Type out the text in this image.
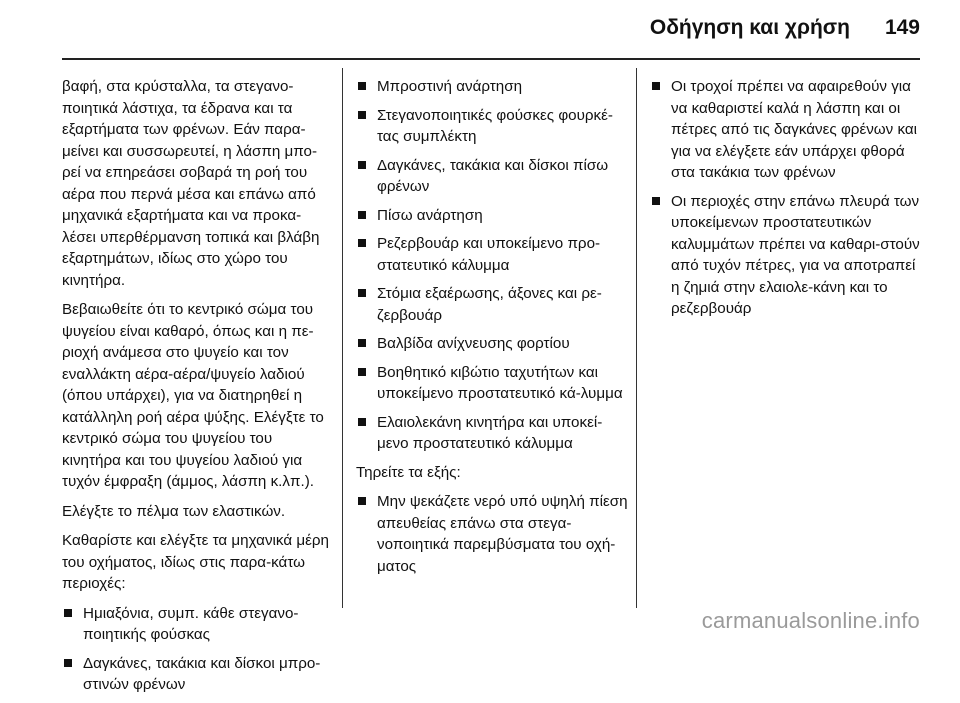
Οδήγηση και χρήση 149

βαφή, στα κρύσταλλα, τα στεγανο-ποιητικά λάστιχα, τα έδρανα και τα εξαρτήματα των φρένων. Εάν παρα-μείνει και συσσωρευτεί, η λάσπη μπο-ρεί να επηρεάσει σοβαρά τη ροή του αέρα που περνά μέσα και επάνω από μηχανικά εξαρτήματα και να προκα-λέσει υπερθέρμανση τοπικά και βλάβη εξαρτημάτων, ιδίως στο χώρο του κινητήρα.

Βεβαιωθείτε ότι το κεντρικό σώμα του ψυγείου είναι καθαρό, όπως και η πε-ριοχή ανάμεσα στο ψυγείο και τον εναλλάκτη αέρα-αέρα/ψυγείο λαδιού (όπου υπάρχει), για να διατηρηθεί η κατάλληλη ροή αέρα ψύξης. Ελέγξτε το κεντρικό σώμα του ψυγείου του κινητήρα και του ψυγείου λαδιού για τυχόν έμφραξη (άμμος, λάσπη κ.λπ.).

Ελέγξτε το πέλμα των ελαστικών.

Καθαρίστε και ελέγξτε τα μηχανικά μέρη του οχήματος, ιδίως στις παρα-κάτω περιοχές:

Ημιαξόνια, συμπ. κάθε στεγανο-ποιητικής φούσκας
Δαγκάνες, τακάκια και δίσκοι μπρο-στινών φρένων
Μπροστινή ανάρτηση
Στεγανοποιητικές φούσκες φουρκέ-τας συμπλέκτη
Δαγκάνες, τακάκια και δίσκοι πίσω φρένων
Πίσω ανάρτηση
Ρεζερβουάρ και υποκείμενο προ-στατευτικό κάλυμμα
Στόμια εξαέρωσης, άξονες και ρε-ζερβουάρ
Βαλβίδα ανίχνευσης φορτίου
Βοηθητικό κιβώτιο ταχυτήτων και υποκείμενο προστατευτικό κά-λυμμα
Ελαιολεκάνη κινητήρα και υποκεί-μενο προστατευτικό κάλυμμα

Τηρείτε τα εξής:

Μην ψεκάζετε νερό υπό υψηλή πίεση απευθείας επάνω στα στεγα-νοποιητικά παρεμβύσματα του οχή-ματος
Οι τροχοί πρέπει να αφαιρεθούν για να καθαριστεί καλά η λάσπη και οι πέτρες από τις δαγκάνες φρένων και για να ελέγξετε εάν υπάρχει φθορά στα τακάκια των φρένων
Οι περιοχές στην επάνω πλευρά των υποκείμενων προστατευτικών καλυμμάτων πρέπει να καθαρι-στούν από τυχόν πέτρες, για να αποτραπεί η ζημιά στην ελαιολε-κάνη και το ρεζερβουάρ
carmanualsonline.info
